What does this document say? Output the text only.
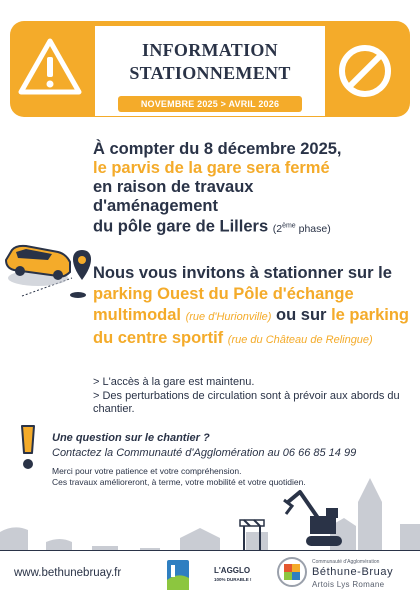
INFORMATION
STATIONNEMENT
NOVEMBRE 2025 > AVRIL 2026
À compter du 8 décembre 2025,
le parvis de la gare sera fermé
en raison de travaux
d'aménagement
du pôle gare de Lillers (2ème phase)
Nous vous invitons à stationner sur le parking Ouest du Pôle d'échange multimodal (rue d'Hurionville) ou sur le parking du centre sportif (rue du Château de Relingue)
> L'accès à la gare est maintenu.
> Des perturbations de circulation sont à prévoir aux abords du chantier.
Une question sur le chantier ?
Contactez la Communauté d'Agglomération au 06 66 85 14 99
Merci pour votre patience et votre compréhension.
Ces travaux amélioreront, à terme, votre mobilité et votre quotidien.
www.bethunebruay.fr	L'AGGLO
100% DURABLE !
Communauté d'Agglomération
Béthune-Bruay
Artois Lys Romane
